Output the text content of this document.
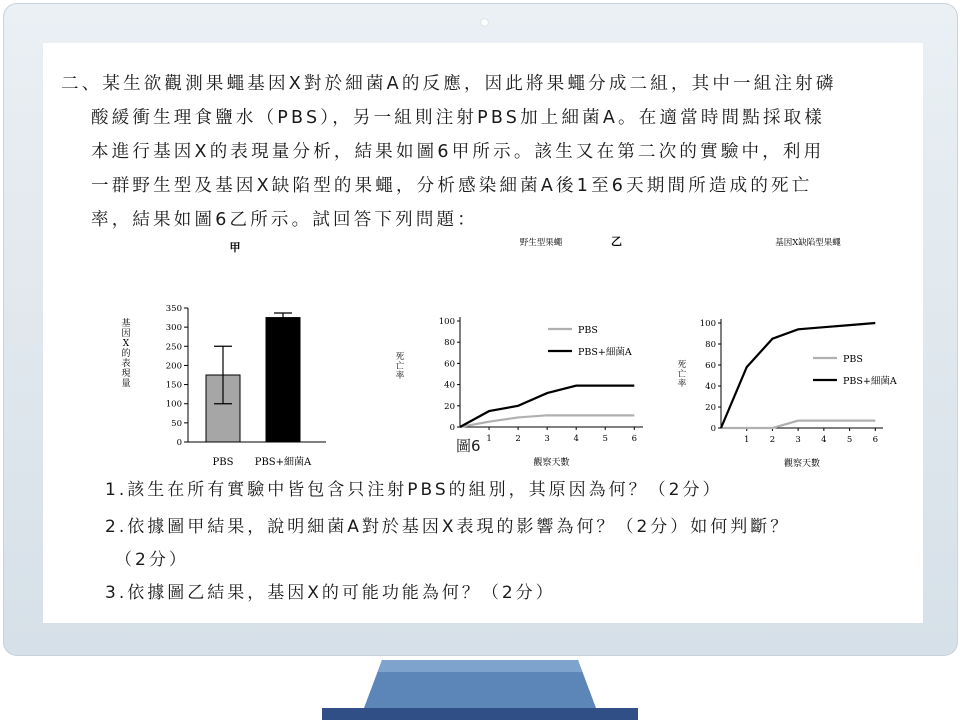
二、某生欲觀測果蠅基因X對於細菌A的反應，因此將果蠅分成二組，其中一組注射磷
酸緩衝生理食鹽水（PBS），另一組則注射PBS加上細菌A。在適當時間點採取樣
本進行基因X的表現量分析，結果如圖6甲所示。該生又在第二次的實驗中，利用
一群野生型及基因X缺陷型的果蠅，分析感染細菌A後1至6天期間所造成的死亡
率，結果如圖6乙所示。試回答下列問題：
乙
甲
基因 X 的表現量
0
50
100
150
200
250
300
350
PBS PBS+細菌A
野生型果蠅
死亡率
0
20
40
60
80
100
1	2	3	4	5	6
觀察天數
PBS
PBS+細菌A
基因X缺陷型果蠅
死亡率
0
20
40
60
80
100
1 2 3 4 5 6
觀察天數
PBS
PBS+細菌A
圖6
1.該生在所有實驗中皆包含只注射PBS的組別，其原因為何？（2分）
2.依據圖甲結果，說明細菌A對於基因X表現的影響為何？（2分）如何判斷？
（2分）
3.依據圖乙結果，基因X的可能功能為何？（2分）
